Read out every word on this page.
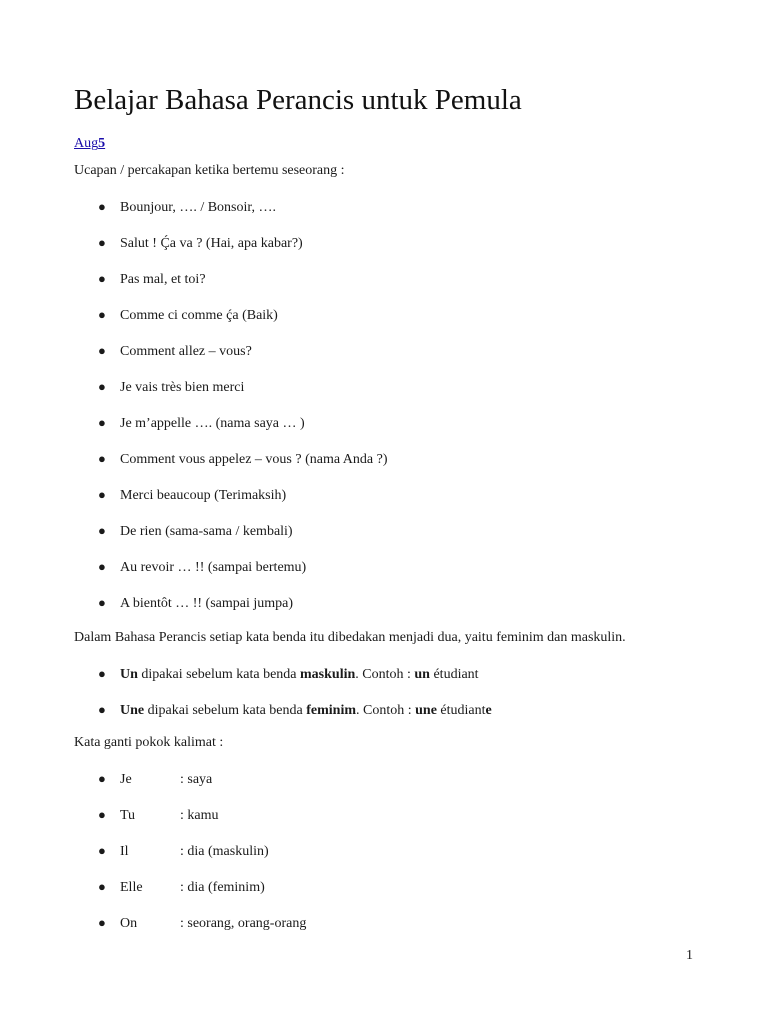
Belajar Bahasa Perancis untuk Pemula
Aug5

Ucapan / percakapan ketika bertemu seseorang :

● Bounjour, …. / Bonsoir, ….
● Salut ! Ḉa va ? (Hai, apa kabar?)
● Pas mal, et toi?
● Comme ci comme ḉa (Baik)
● Comment allez – vous?
● Je vais très bien merci
● Je m’appelle …. (nama saya … )
● Comment vous appelez – vous ? (nama Anda ?)
● Merci beaucoup (Terimaksih)
● De rien (sama-sama / kembali)
● Au revoir … !! (sampai bertemu)
● A bientôt … !! (sampai jumpa)

Dalam Bahasa Perancis setiap kata benda itu dibedakan menjadi dua, yaitu feminim dan maskulin.

● Un dipakai sebelum kata benda maskulin. Contoh : un étudiant
● Une dipakai sebelum kata benda feminim. Contoh : une étudiante

Kata ganti pokok kalimat :

● Je	: saya
● Tu	: kamu
● Il	: dia (maskulin)
● Elle	: dia (feminim)
● On	: seorang, orang-orang
1
